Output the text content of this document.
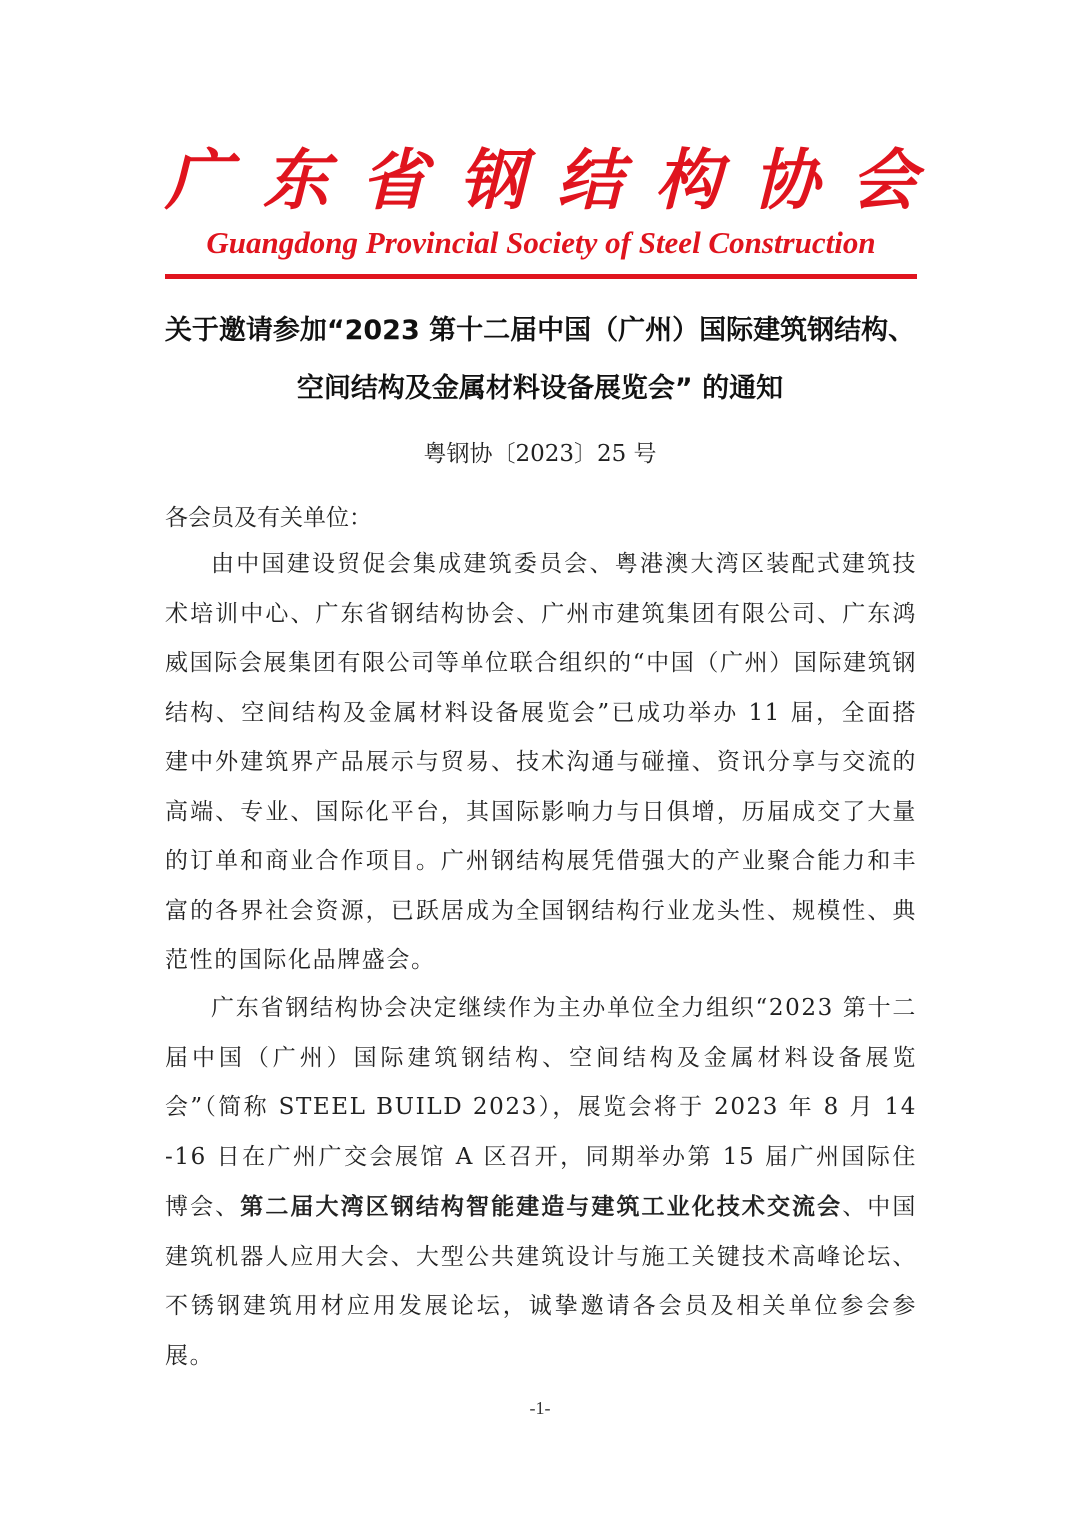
广 东 省 钢 结 构 协 会
Guangdong Provincial Society of Steel Construction
关于邀请参加“2023 第十二届中国（广州）国际建筑钢结构、
空间结构及金属材料设备展览会” 的通知
粤钢协〔2023〕25 号
各会员及有关单位：

由中国建设贸促会集成建筑委员会、粤港澳大湾区装配式建筑技术培训中心、广东省钢结构协会、广州市建筑集团有限公司、广东鸿威国际会展集团有限公司等单位联合组织的“中国（广州）国际建筑钢结构、空间结构及金属材料设备展览会”已成功举办 11 届，全面搭建中外建筑界产品展示与贸易、技术沟通与碰撞、资讯分享与交流的高端、专业、国际化平台，其国际影响力与日俱增，历届成交了大量的订单和商业合作项目。广州钢结构展凭借强大的产业聚合能力和丰富的各界社会资源，已跃居成为全国钢结构行业龙头性、规模性、典范性的国际化品牌盛会。

广东省钢结构协会决定继续作为主办单位全力组织“2023 第十二届中国（广州）国际建筑钢结构、空间结构及金属材料设备展览会”（简称 STEEL BUILD 2023），展览会将于 2023 年 8 月 14 -16 日在广州广交会展馆 A 区召开，同期举办第 15 届广州国际住博会、第二届大湾区钢结构智能建造与建筑工业化技术交流会、中国建筑机器人应用大会、大型公共建筑设计与施工关键技术高峰论坛、不锈钢建筑用材应用发展论坛，诚挚邀请各会员及相关单位参会参展。

-1-
